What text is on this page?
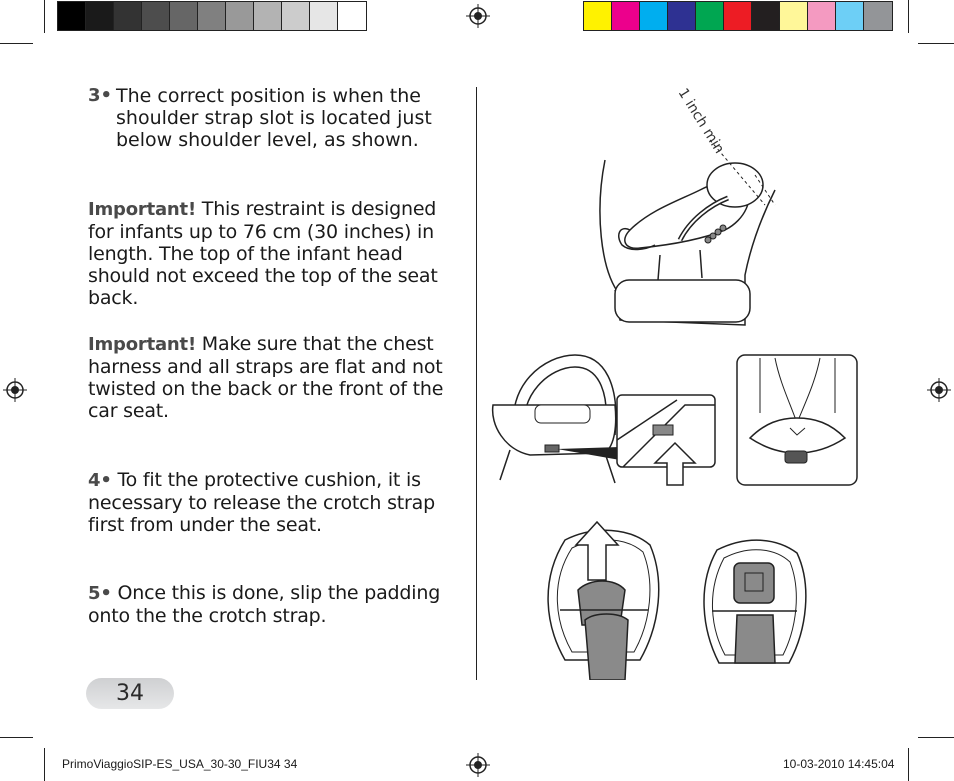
3• The correct position is when the shoulder strap slot is located just below shoulder level, as shown.
Important! This restraint is designed for infants up to 76 cm (30 inches) in length. The top of the infant head should not exceed the top of the seat back.
Important! Make sure that the chest harness and all straps are flat and not twisted on the back or the front of the car seat.
4• To fit the protective cushion, it is necessary to release the crotch strap first from under the seat.
5• Once this is done, slip the padding onto the the crotch strap.
1 inch min
34
PrimoViaggioSIP-ES_USA_30-30_FIU34 34	10-03-2010 14:45:04
